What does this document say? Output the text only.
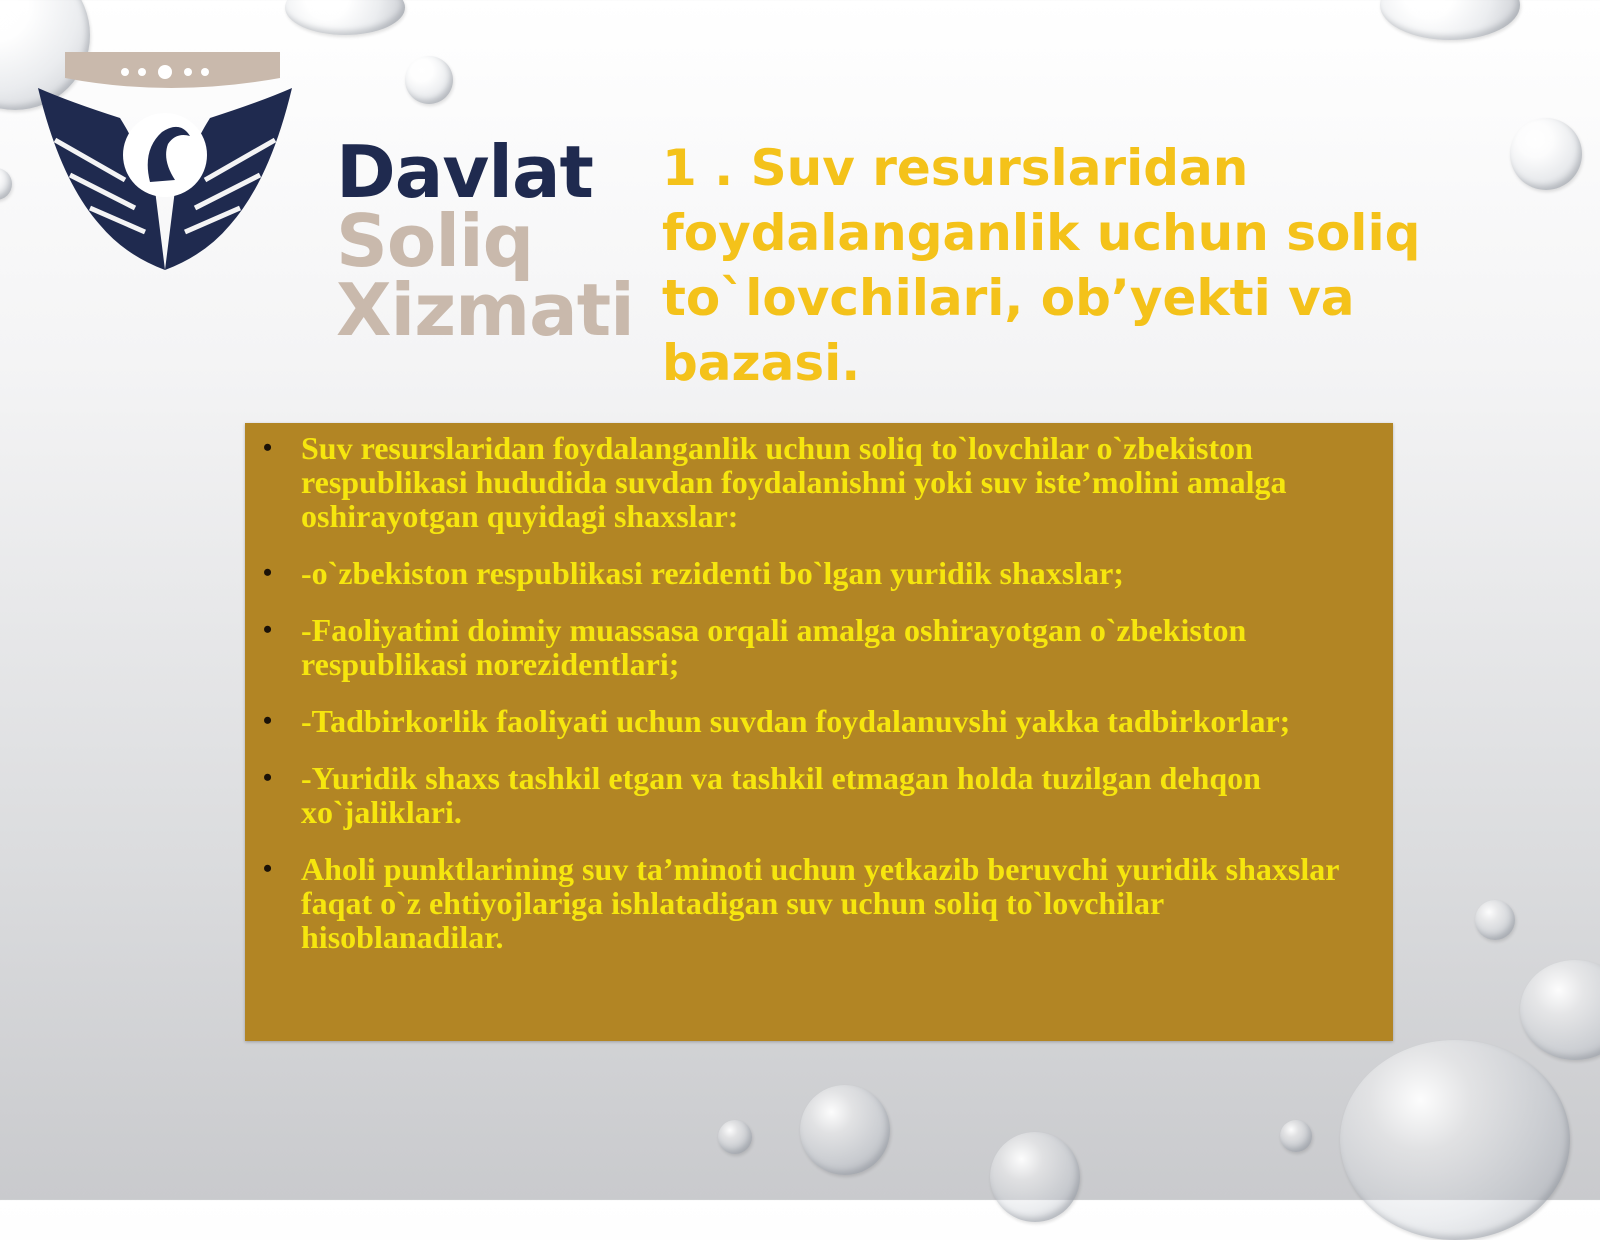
Davlat
Soliq
Xizmati
1 . Suv resurslaridan foydalanganlik uchun soliq to`lovchilari, ob’yekti va bazasi.
• Suv resurslaridan foydalanganlik uchun soliq to`lovchilar o`zbekiston respublikasi hududida suvdan foydalanishni yoki suv iste’molini amalga oshirayotgan quyidagi shaxslar:
• -o`zbekiston respublikasi rezidenti bo`lgan yuridik shaxslar;
• -Faoliyatini doimiy muassasa orqali amalga oshirayotgan o`zbekiston respublikasi norezidentlari;
• -Tadbirkorlik faoliyati uchun suvdan foydalanuvshi yakka tadbirkorlar;
• -Yuridik shaxs tashkil etgan va tashkil etmagan holda tuzilgan dehqon xo`jaliklari.
• Aholi punktlarining suv ta’minoti uchun yetkazib beruvchi yuridik shaxslar faqat o`z ehtiyojlariga ishlatadigan suv uchun soliq to`lovchilar hisoblanadilar.
